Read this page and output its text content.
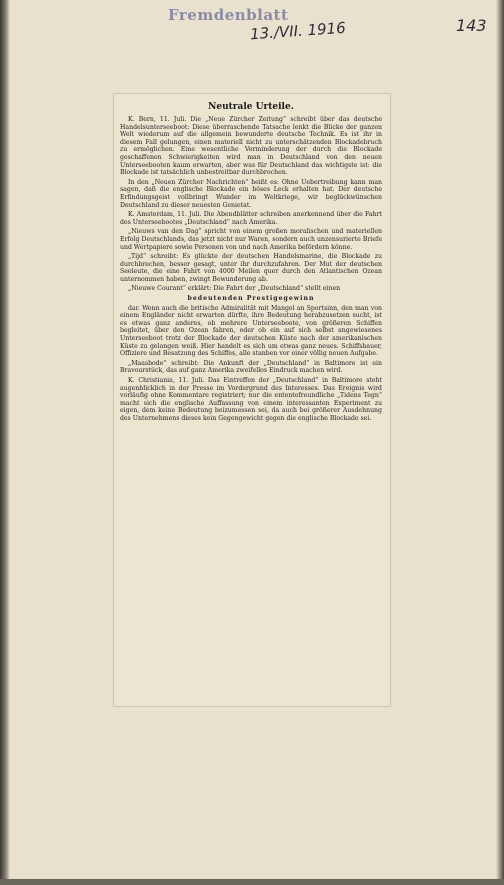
Fremdenblatt
13./VII. 1916	143
Neutrale Urteile.

K. Bern, 11. Juli. Die „Neue Zürcher Zeitung“ schreibt über das deutsche Handelsunterseeboot: Diese überraschende Tatsache lenkt die Blicke der ganzen Welt wiederum auf die allgemein bewunderte deutsche Technik. Es ist ihr in diesem Fall gelungen, einen materiell nicht zu unterschätzenden Blockadebruch zu ermöglichen. Eine wesentliche Verminderung der durch die Blockade geschaffenen Schwierigkeiten wird man in Deutschland von den neuen Unterseebooten kaum erwarten, aber was für Deutschland das wichtigste ist: die Blockade ist tatsächlich unbestreitbar durchbrochen.

In den „Neuen Zürcher Nachrichten“ heißt es: Ohne Uebertreibung kann man sagen, daß die englische Blockade ein böses Leck erhalten hat. Der deutsche Erfindungsgeist vollbringt Wunder im Weltkriege, wir beglückwünschen Deutschland zu dieser neuesten Genietat.

K. Amsterdam, 11. Juli. Die Abendblätter schreiben anerkennend über die Fahrt des Unterseebootes „Deutschland“ nach Amerika.

„Nieuws van den Dag“ spricht von einem großen moralischen und materiellen Erfolg Deutschlands, das jetzt nicht nur Waren, sondern auch unzensurierte Briefe und Wertpapiere sowie Personen von und nach Amerika befördern könne.

„Tijd“ schreibt: Es glückte der deutschen Handelsmarine, die Blockade zu durchbrechen, besser gesagt, unter ihr durchzufahren. Der Mut der deutschen Seeleute, die eine Fahrt von 4000 Meilen quer durch den Atlantischen Ozean unternommen haben, zwingt Bewunderung ab.

„Nieuwe Courant“ erklärt: Die Fahrt der „Deutschland“ stellt einen

bedeutenden Prestigegewinn

dar. Wenn auch die britische Admiralität mit Mangel an Sportsinn, den man von einem Engländer nicht erwarten dürfte, ihre Bedeutung herabzusetzen sucht, ist es etwas ganz anderes, ob mehrere Unterseeboote, von größeren Schiffen begleitet, über den Ozean fahren, oder ob ein auf sich selbst angewiesenes Unterseeboot trotz der Blockade der deutschen Küste nach der amerikanischen Küste zu gelangen weiß. Hier handelt es sich um etwas ganz neues. Schiffsbauer, Offiziere und Besatzung des Schiffes, alle stanben vor einer völlig neuen Aufgabe.

„Maasbode“ schreibt: Die Ankunft der „Deutschland“ in Baltimore ist ein Bravourstück, das auf ganz Amerika zweifellos Eindruck machen wird.

K. Christiania, 11. Juli. Das Eintreffen der „Deutschland“ in Baltimore steht augenblicklich in der Presse im Vordergrund des Interesses. Das Ereignis wird vorläufig ohne Kommentare registriert; nur die ententefreundliche „Tidens Tegn“ macht sich die englische Auffassung von einem interessanten Experiment zu eigen, dem keine Bedeutung beizumessen sei, da auch bei größerer Ausdehnung des Unternehmens dieses kein Gegengewicht gegen die englische Blockade sei.
